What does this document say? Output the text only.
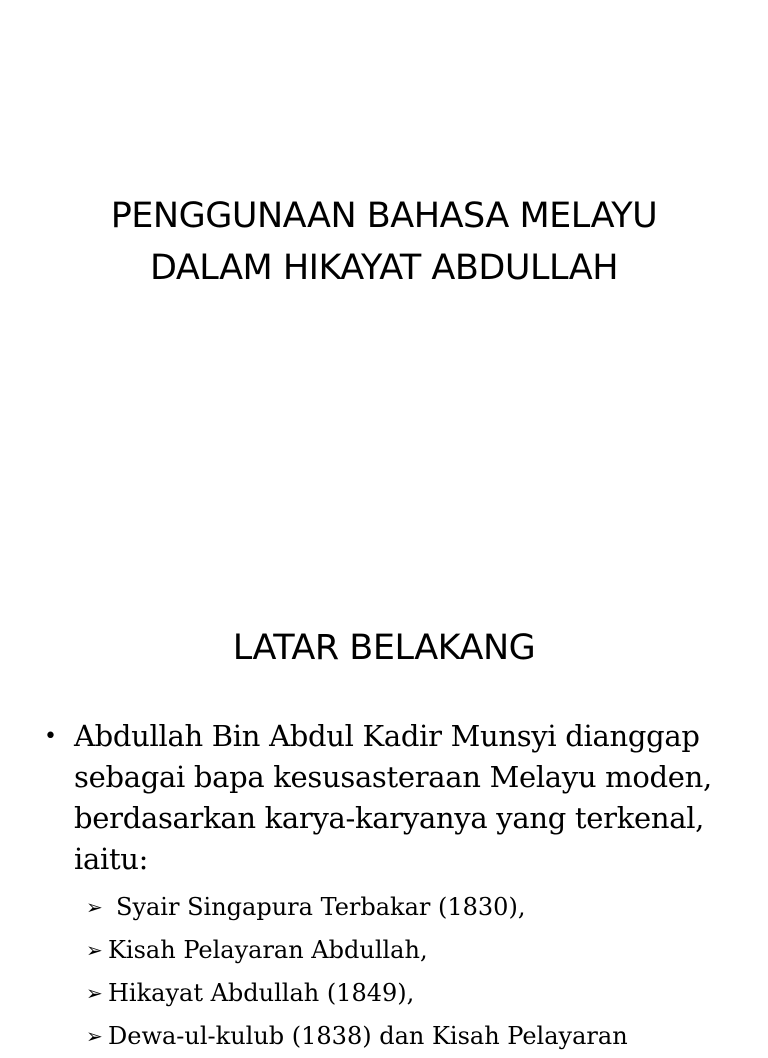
PENGGUNAAN BAHASA MELAYU
DALAM HIKAYAT ABDULLAH
LATAR BELAKANG
• Abdullah Bin Abdul Kadir Munsyi dianggap sebagai bapa kesusasteraan Melayu moden, berdasarkan karya-karyanya yang terkenal, iaitu:
➢ Syair Singapura Terbakar (1830),
➢ Kisah Pelayaran Abdullah,
➢ Hikayat Abdullah (1849),
➢ Dewa-ul-kulub (1838) dan Kisah Pelayaran
